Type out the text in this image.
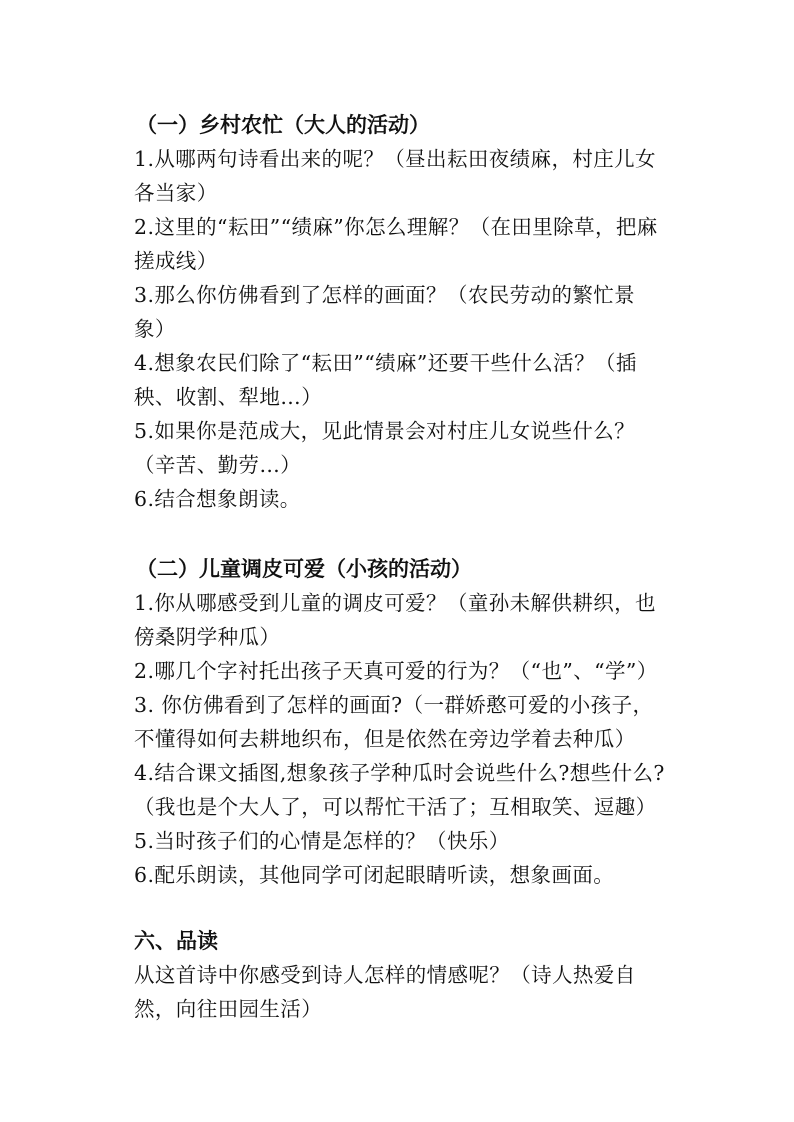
（一）乡村农忙（大人的活动）
1.从哪两句诗看出来的呢？（昼出耘田夜绩麻，村庄儿女
各当家）
2.这里的“耘田”“绩麻”你怎么理解？（在田里除草，把麻
搓成线）
3.那么你仿佛看到了怎样的画面？（农民劳动的繁忙景
象）
4.想象农民们除了“耘田”“绩麻”还要干些什么活？（插
秧、收割、犁地…）
5.如果你是范成大，见此情景会对村庄儿女说些什么？
（辛苦、勤劳…）
6.结合想象朗读。
（二）儿童调皮可爱（小孩的活动）
1.你从哪感受到儿童的调皮可爱？（童孙未解供耕织，也
傍桑阴学种瓜）
2.哪几个字衬托出孩子天真可爱的行为？（“也”、“学”）
3. 你仿佛看到了怎样的画面?（一群娇憨可爱的小孩子，
不懂得如何去耕地织布，但是依然在旁边学着去种瓜）
4.结合课文插图,想象孩子学种瓜时会说些什么?想些什么?
（我也是个大人了，可以帮忙干活了；互相取笑、逗趣）
5.当时孩子们的心情是怎样的？（快乐）
6.配乐朗读，其他同学可闭起眼睛听读，想象画面。
六、品读
从这首诗中你感受到诗人怎样的情感呢？（诗人热爱自
然，向往田园生活）
